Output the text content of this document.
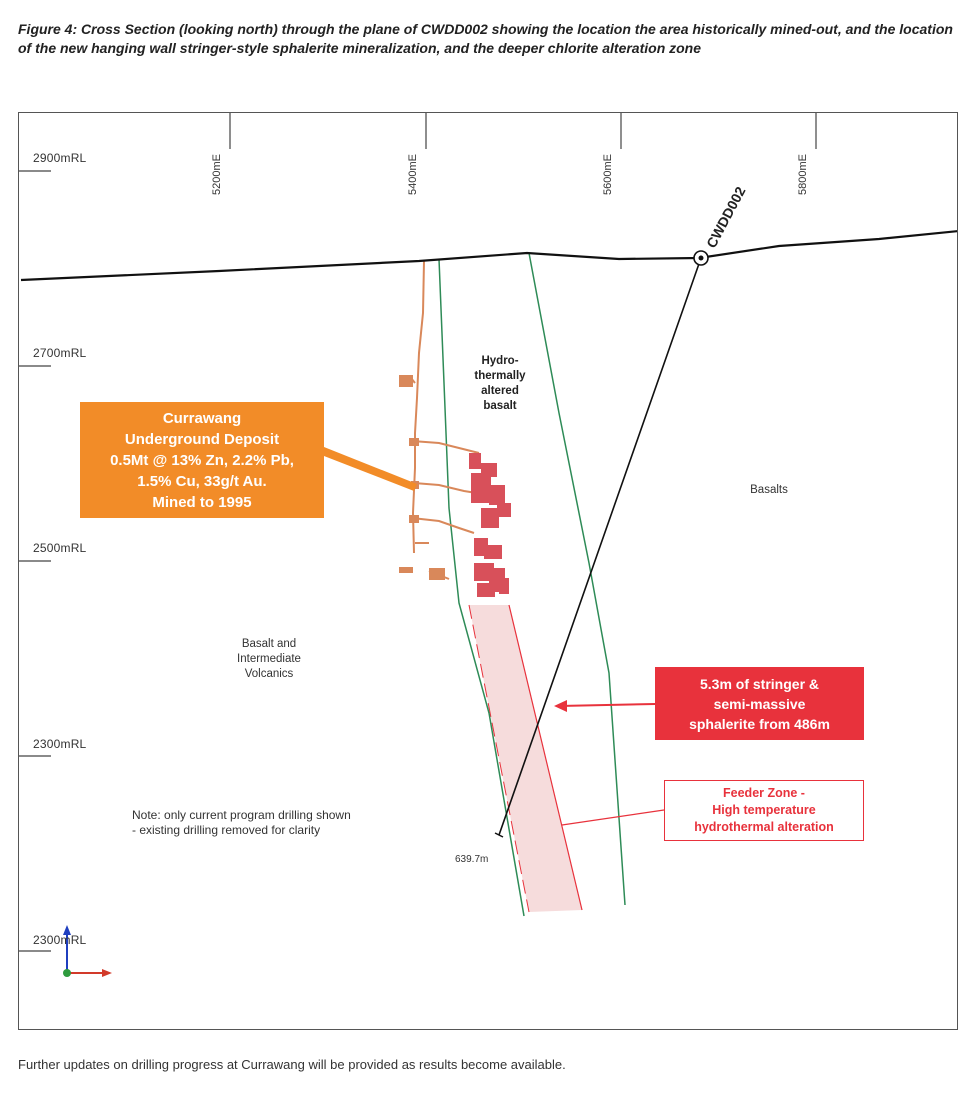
Figure 4: Cross Section (looking north) through the plane of CWDD002 showing the location the area historically mined-out, and the location of the new hanging wall stringer-style sphalerite mineralization, and the deeper chlorite alteration zone
2900mRL
2700mRL
2500mRL
2300mRL
2300mRL
5200mE	5400mE	5600mE	5800mE
CWDD002
639.7m
Hydro-
thermally
altered
basalt
Basalts
Basalt and
Intermediate
Volcanics
Currawang
Underground Deposit
0.5Mt @ 13% Zn, 2.2% Pb,
1.5% Cu, 33g/t Au.
Mined to 1995
5.3m of stringer &
semi-massive
sphalerite from 486m
Feeder Zone -
High temperature
hydrothermal alteration
Note: only current program drilling shown
- existing drilling removed for clarity
Further updates on drilling progress at Currawang will be provided as results become available.
